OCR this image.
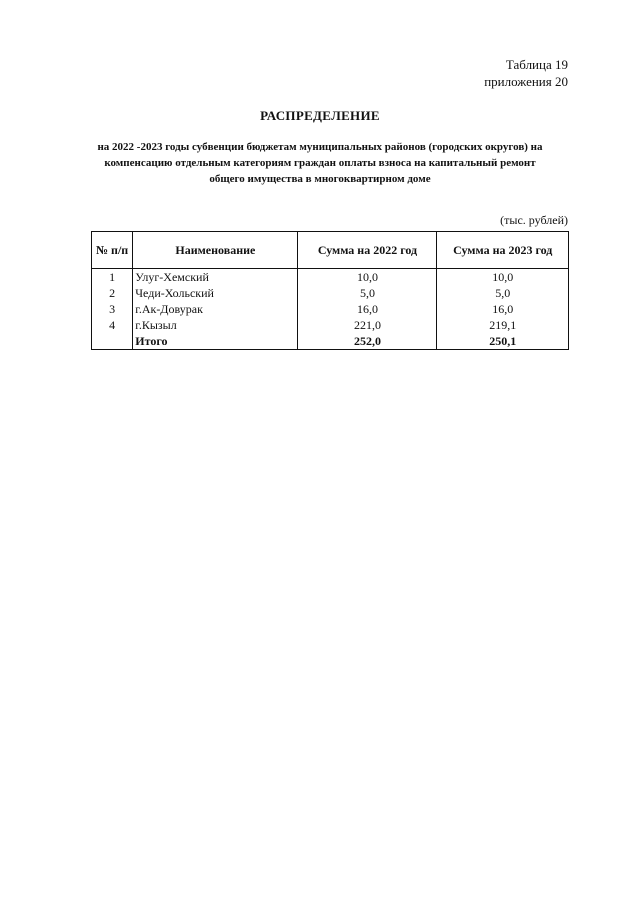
Таблица 19
приложения 20
РАСПРЕДЕЛЕНИЕ
на 2022 -2023 годы субвенции бюджетам муниципальных районов (городских округов) на
компенсацию отдельным категориям граждан оплаты взноса на капитальный ремонт
общего имущества в многоквартирном доме
(тыс. рублей)
№ п/п	Наименование	Сумма на 2022 год	Сумма на 2023 год
1	Улуг-Хемский	10,0	10,0
2	Чеди-Хольский	5,0	5,0
3	г.Ак-Довурак	16,0	16,0
4	г.Кызыл	221,0	219,1
	Итого	252,0	250,1
